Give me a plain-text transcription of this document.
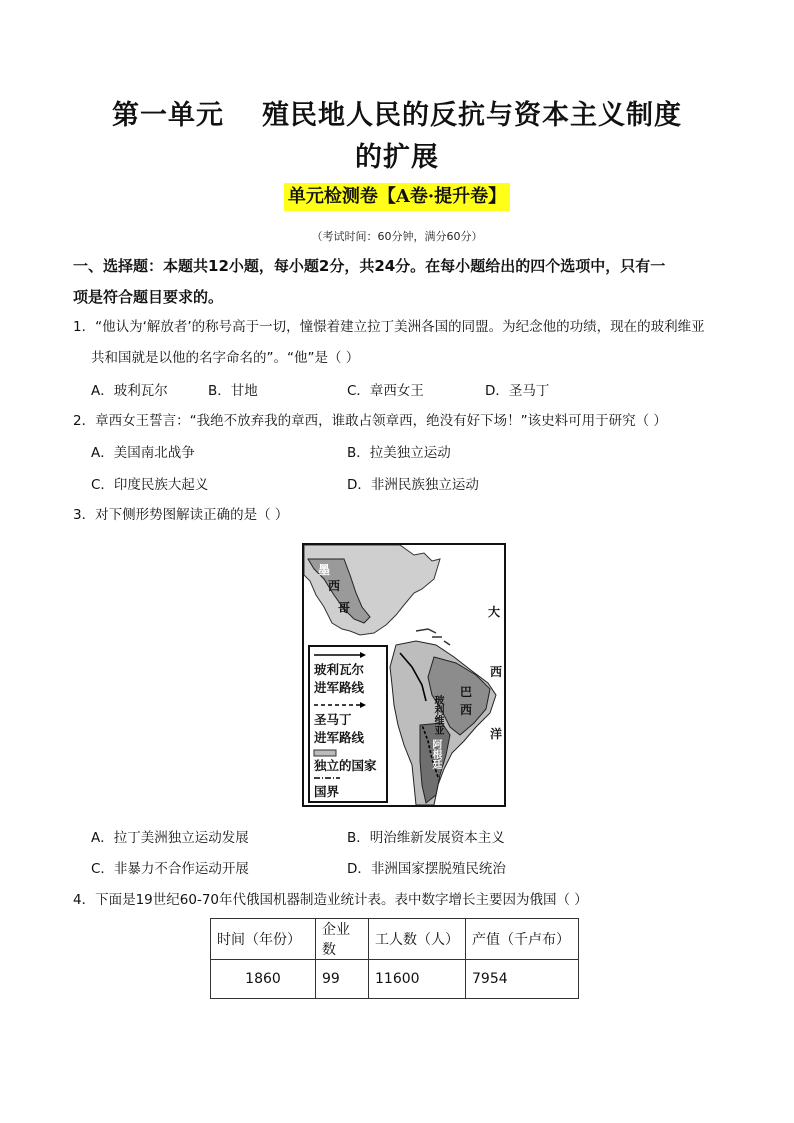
第一单元 殖民地人民的反抗与资本主义制度
的扩展
单元检测卷【A卷·提升卷】
（考试时间：60分钟，满分60分）
一、选择题：本题共12小题，每小题2分，共24分。在每小题给出的四个选项中，只有一
项是符合题目要求的。
1．“他认为‘解放者’的称号高于一切，憧憬着建立拉丁美洲各国的同盟。为纪念他的功绩，现在的玻利维亚
共和国就是以他的名字命名的”。“他”是（ ）
A．玻利瓦尔	B．甘地	C．章西女王	D．圣马丁
2．章西女王誓言：“我绝不放弃我的章西，谁敢占领章西，绝没有好下场！”该史料可用于研究（ ）
A．美国南北战争	B．拉美独立运动
C．印度民族大起义	D．非洲民族独立运动
3．对下侧形势图解读正确的是（ ）
墨
西
哥	大
西
洋
巴
西
玻利维亚
阿根廷
玻利瓦尔
进军路线
圣马丁
进军路线
独立的国家
国界
A．拉丁美洲独立运动发展	B．明治维新发展资本主义
C．非暴力不合作运动开展	D．非洲国家摆脱殖民统治
4．下面是19世纪60-70年代俄国机器制造业统计表。表中数字增长主要因为俄国（ ）
时间（年份）	企业数	工人数（人）	产值（千卢布）
1860	99	11600	7954
